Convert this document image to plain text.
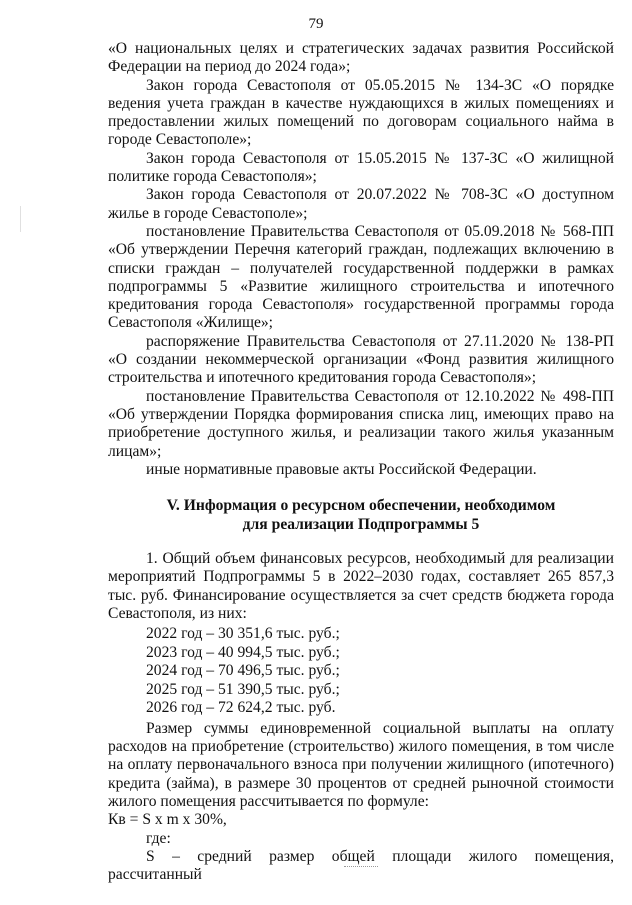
79

«О национальных целях и стратегических задачах развития Российской Федерации на период до 2024 года»;

Закон города Севастополя от 05.05.2015 № 134-ЗС «О порядке ведения учета граждан в качестве нуждающихся в жилых помещениях и предоставлении жилых помещений по договорам социального найма в городе Севастополе»;

Закон города Севастополя от 15.05.2015 № 137-ЗС «О жилищной политике города Севастополя»;

Закон города Севастополя от 20.07.2022 № 708-ЗС «О доступном жилье в городе Севастополе»;

постановление Правительства Севастополя от 05.09.2018 № 568-ПП «Об утверждении Перечня категорий граждан, подлежащих включению в списки граждан – получателей государственной поддержки в рамках подпрограммы 5 «Развитие жилищного строительства и ипотечного кредитования города Севастополя» государственной программы города Севастополя «Жилище»;

распоряжение Правительства Севастополя от 27.11.2020 № 138-РП «О создании некоммерческой организации «Фонд развития жилищного строительства и ипотечного кредитования города Севастополя»;

постановление Правительства Севастополя от 12.10.2022 № 498-ПП «Об утверждении Порядка формирования списка лиц, имеющих право на приобретение доступного жилья, и реализации такого жилья указанным лицам»;

иные нормативные правовые акты Российской Федерации.

V. Информация о ресурсном обеспечении, необходимом
для реализации Подпрограммы 5

1. Общий объем финансовых ресурсов, необходимый для реализации мероприятий Подпрограммы 5 в 2022–2030 годах, составляет 265 857,3 тыс. руб. Финансирование осуществляется за счет средств бюджета города Севастополя, из них:

2022 год – 30 351,6 тыс. руб.;
2023 год – 40 994,5 тыс. руб.;
2024 год – 70 496,5 тыс. руб.;
2025 год – 51 390,5 тыс. руб.;
2026 год – 72 624,2 тыс. руб.

Размер суммы единовременной социальной выплаты на оплату расходов на приобретение (строительство) жилого помещения, в том числе на оплату первоначального взноса при получении жилищного (ипотечного) кредита (займа), в размере 30 процентов от средней рыночной стоимости жилого помещения рассчитывается по формуле:

Кв = S x m x 30%,

где:

S – средний размер общей площади жилого помещения, рассчитанный
